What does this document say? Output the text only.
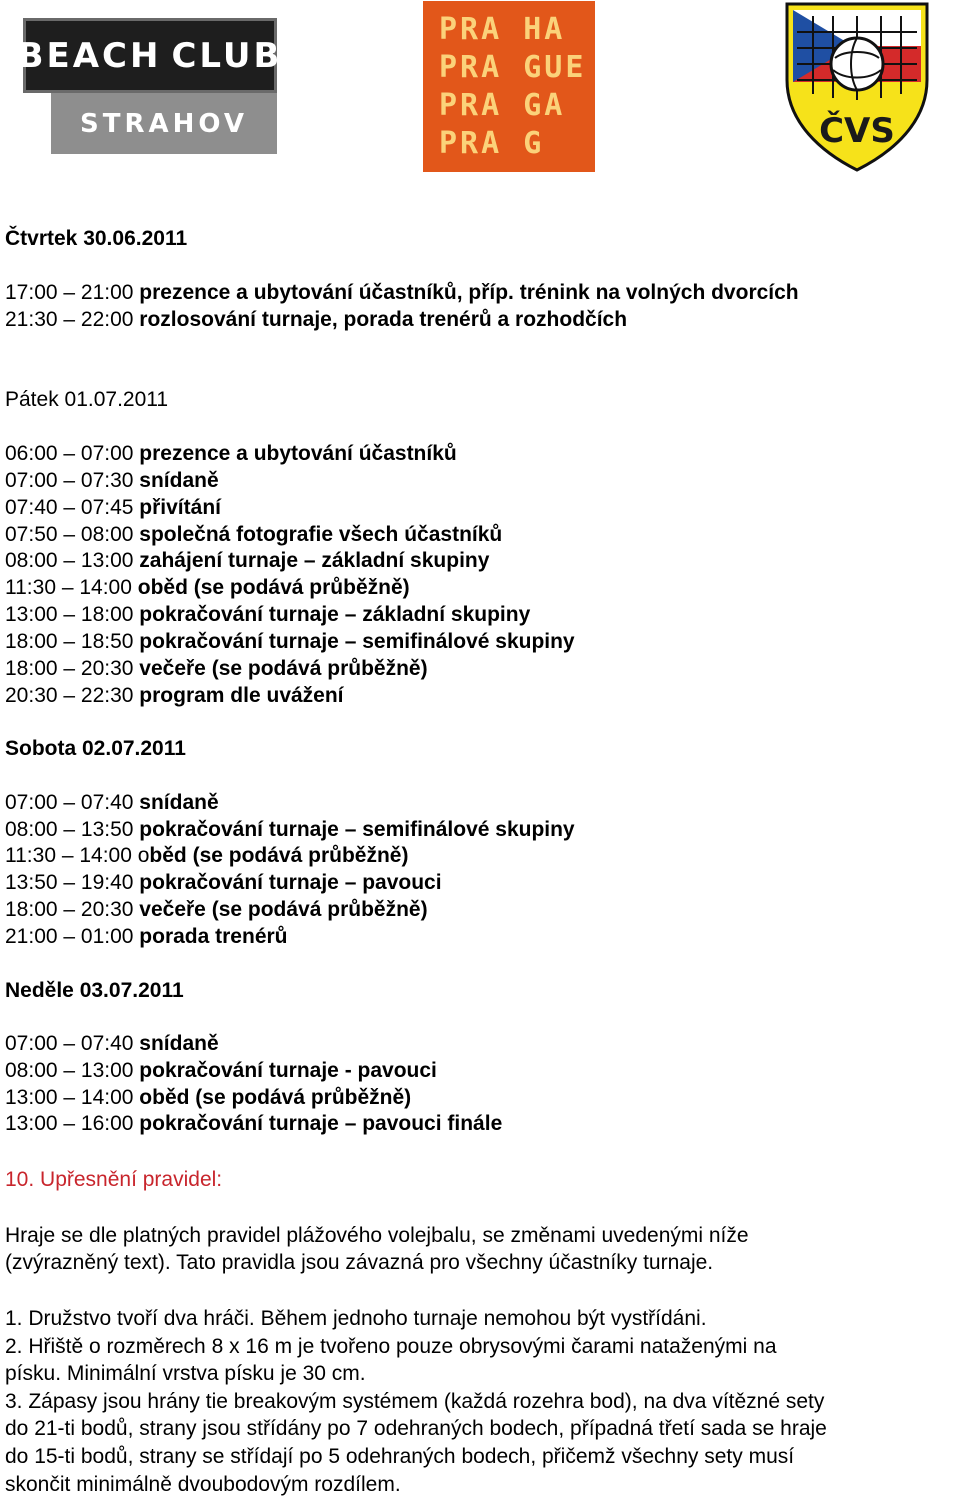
BEACH CLUB
STRAHOV
PRA HA
PRA GUE
PRA GA
PRA G	ČVS
Čtvrtek 30.06.2011
17:00 – 21:00 prezence a ubytování účastníků, příp. trénink na volných dvorcích
21:30 – 22:00 rozlosování turnaje, porada trenérů a rozhodčích
Pátek 01.07.2011
06:00 – 07:00 prezence a ubytování účastníků
07:00 – 07:30 snídaně
07:40 – 07:45 přivítání
07:50 – 08:00 společná fotografie všech účastníků
08:00 – 13:00 zahájení turnaje – základní skupiny
11:30 – 14:00 oběd (se podává průběžně)
13:00 – 18:00 pokračování turnaje – základní skupiny
18:00 – 18:50 pokračování turnaje – semifinálové skupiny
18:00 – 20:30 večeře (se podává průběžně)
20:30 – 22:30 program dle uvážení
Sobota 02.07.2011
07:00 – 07:40 snídaně
08:00 – 13:50 pokračování turnaje – semifinálové skupiny
11:30 – 14:00 oběd (se podává průběžně)
13:50 – 19:40 pokračování turnaje – pavouci
18:00 – 20:30 večeře (se podává průběžně)
21:00 – 01:00 porada trenérů
Neděle 03.07.2011
07:00 – 07:40 snídaně
08:00 – 13:00 pokračování turnaje - pavouci
13:00 – 14:00 oběd (se podává průběžně)
13:00 – 16:00 pokračování turnaje – pavouci finále
10. Upřesnění pravidel:
Hraje se dle platných pravidel plážového volejbalu, se změnami uvedenými níže
(zvýrazněný text). Tato pravidla jsou závazná pro všechny účastníky turnaje.
1. Družstvo tvoří dva hráči. Během jednoho turnaje nemohou být vystřídáni.
2. Hřiště o rozměrech 8 x 16 m je tvořeno pouze obrysovými čarami nataženými na
písku. Minimální vrstva písku je 30 cm.
3. Zápasy jsou hrány tie breakovým systémem (každá rozehra bod), na dva vítězné sety
do 21-ti bodů, strany jsou střídány po 7 odehraných bodech, případná třetí sada se hraje
do 15-ti bodů, strany se střídají po 5 odehraných bodech, přičemž všechny sety musí
skončit minimálně dvoubodovým rozdílem.
